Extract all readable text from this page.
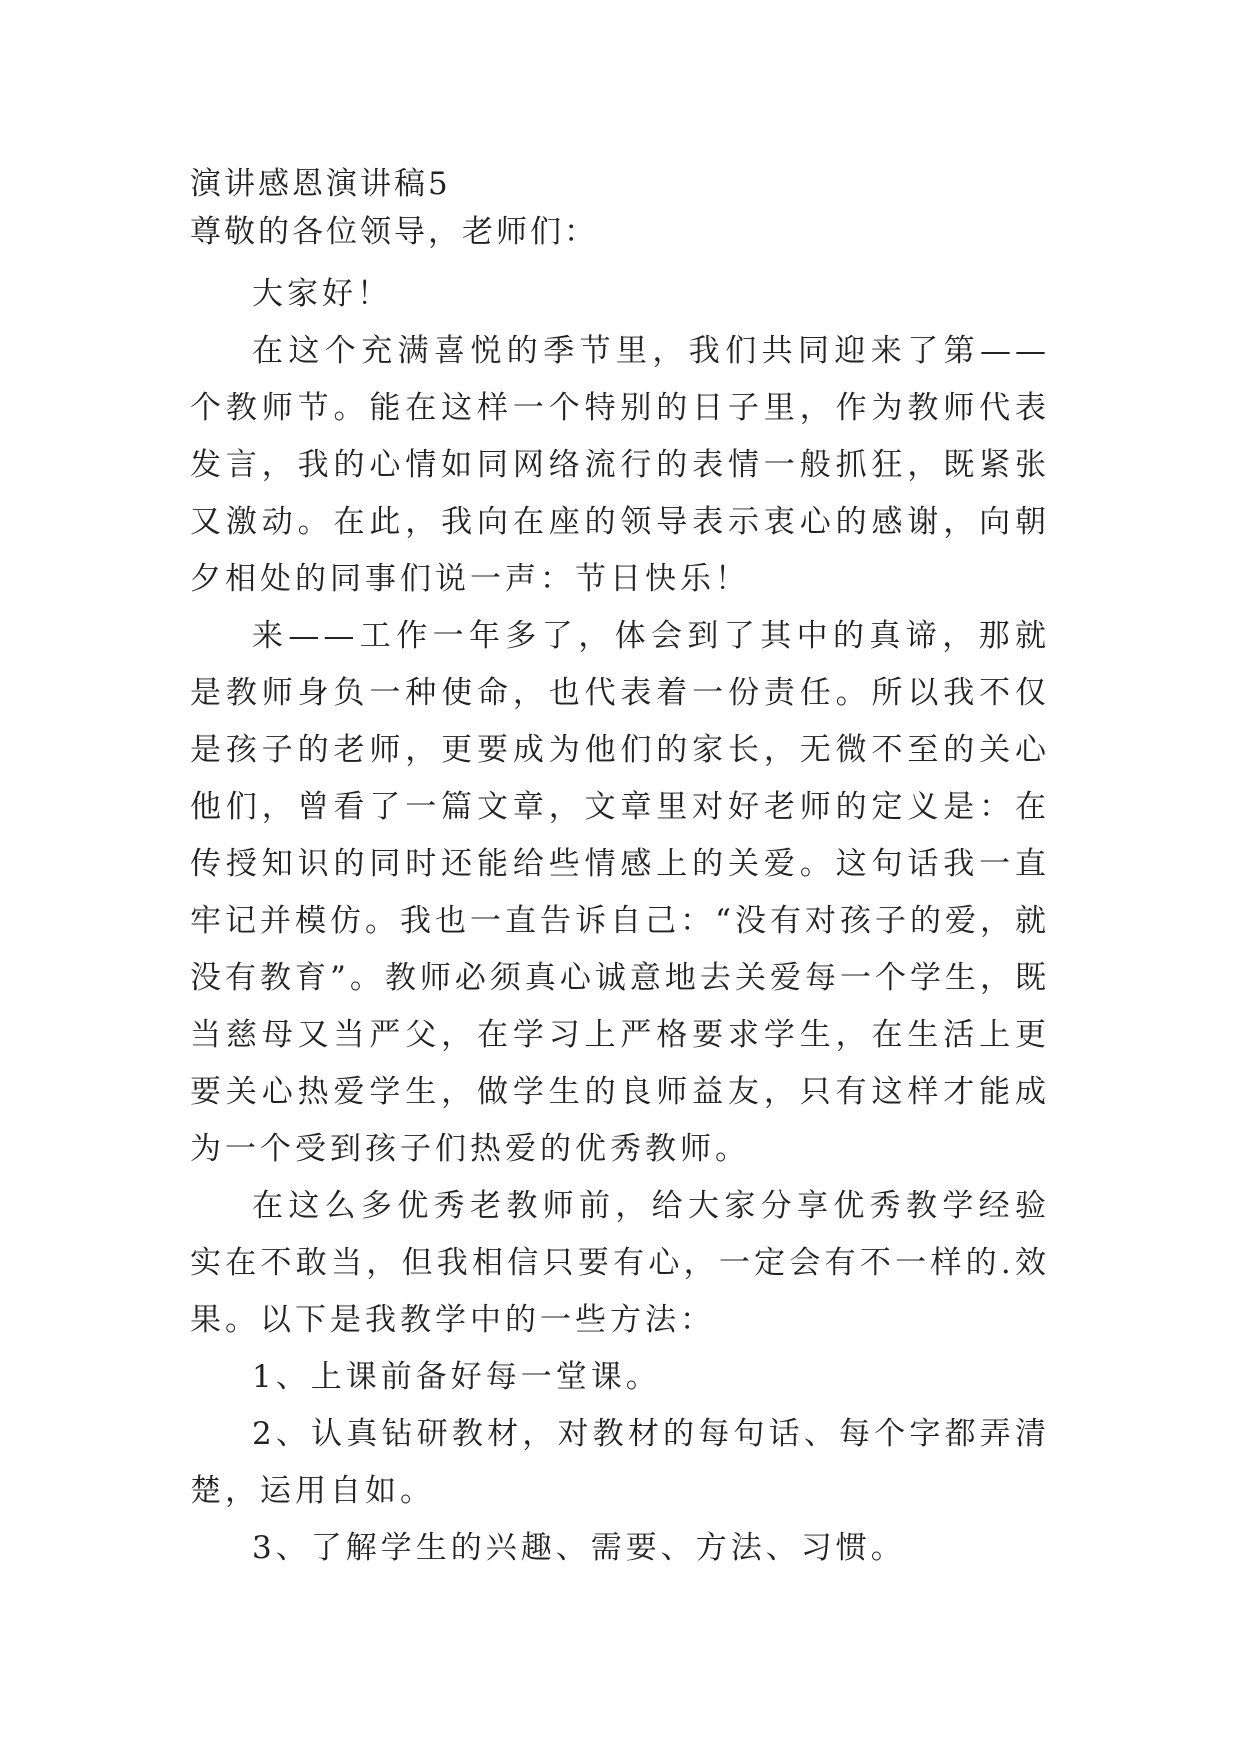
演讲感恩演讲稿5

尊敬的各位领导，老师们：

大家好！

在这个充满喜悦的季节里，我们共同迎来了第——个教师节。能在这样一个特别的日子里，作为教师代表发言，我的心情如同网络流行的表情一般抓狂，既紧张又激动。在此，我向在座的领导表示衷心的感谢，向朝夕相处的同事们说一声：节日快乐！

来——工作一年多了，体会到了其中的真谛，那就是教师身负一种使命，也代表着一份责任。所以我不仅是孩子的老师，更要成为他们的家长，无微不至的关心他们，曾看了一篇文章，文章里对好老师的定义是：在传授知识的同时还能给些情感上的关爱。这句话我一直牢记并模仿。我也一直告诉自己：“没有对孩子的爱，就没有教育”。教师必须真心诚意地去关爱每一个学生，既当慈母又当严父，在学习上严格要求学生，在生活上更要关心热爱学生，做学生的良师益友，只有这样才能成为一个受到孩子们热爱的优秀教师。

在这么多优秀老教师前，给大家分享优秀教学经验实在不敢当，但我相信只要有心，一定会有不一样的.效果。以下是我教学中的一些方法：

1、上课前备好每一堂课。

2、认真钻研教材，对教材的每句话、每个字都弄清楚，运用自如。

3、了解学生的兴趣、需要、方法、习惯。
